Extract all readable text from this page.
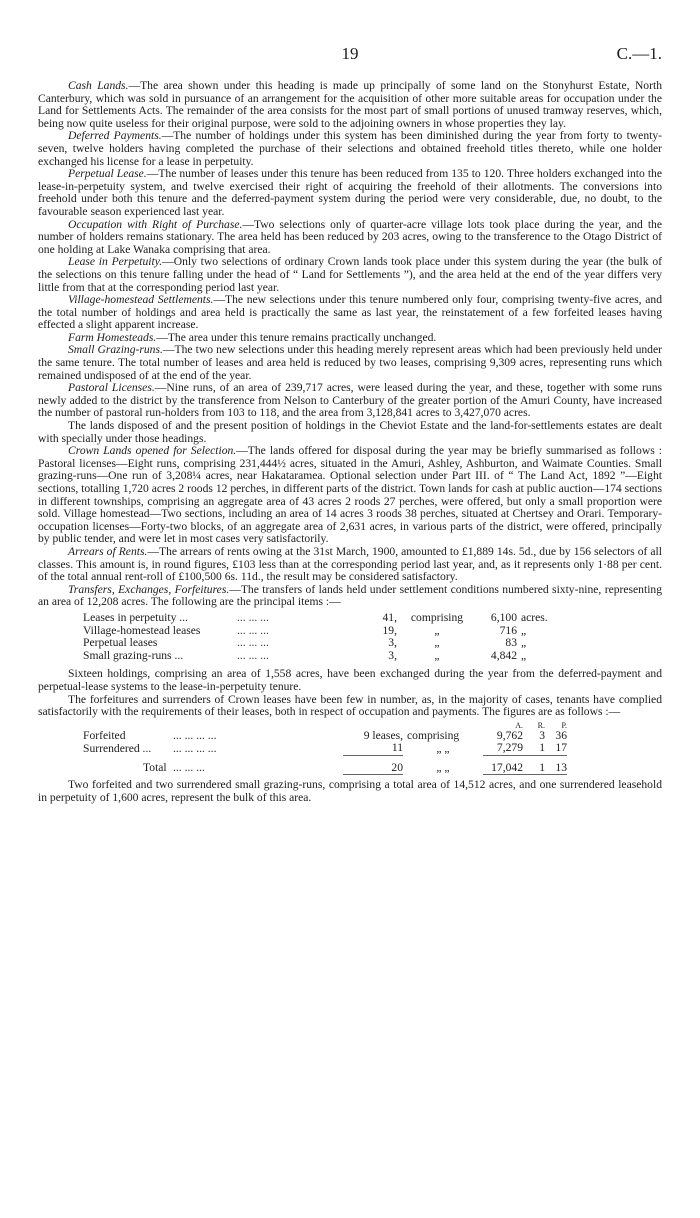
19	C.—1.

Cash Lands.—The area shown under this heading is made up principally of some land on the Stonyhurst Estate, North Canterbury, which was sold in pursuance of an arrangement for the acquisition of other more suitable areas for occupation under the Land for Settlements Acts. The remainder of the area consists for the most part of small portions of unused tramway reserves, which, being now quite useless for their original purpose, were sold to the adjoining owners in whose properties they lay.

Deferred Payments.—The number of holdings under this system has been diminished during the year from forty to twenty-seven, twelve holders having completed the purchase of their selections and obtained freehold titles thereto, while one holder exchanged his license for a lease in perpetuity.

Perpetual Lease.—The number of leases under this tenure has been reduced from 135 to 120. Three holders exchanged into the lease-in-perpetuity system, and twelve exercised their right of acquiring the freehold of their allotments. The conversions into freehold under both this tenure and the deferred-payment system during the period were very considerable, due, no doubt, to the favourable season experienced last year.

Occupation with Right of Purchase.—Two selections only of quarter-acre village lots took place during the year, and the number of holders remains stationary. The area held has been reduced by 203 acres, owing to the transference to the Otago District of one holding at Lake Wanaka comprising that area.

Lease in Perpetuity.—Only two selections of ordinary Crown lands took place under this system during the year (the bulk of the selections on this tenure falling under the head of “ Land for Settlements ”), and the area held at the end of the year differs very little from that at the corresponding period last year.

Village-homestead Settlements.—The new selections under this tenure numbered only four, comprising twenty-five acres, and the total number of holdings and area held is practically the same as last year, the reinstatement of a few forfeited leases having effected a slight apparent increase.

Farm Homesteads.—The area under this tenure remains practically unchanged.

Small Grazing-runs.—The two new selections under this heading merely represent areas which had been previously held under the same tenure. The total number of leases and area held is reduced by two leases, comprising 9,309 acres, representing runs which remained undisposed of at the end of the year.

Pastoral Licenses.—Nine runs, of an area of 239,717 acres, were leased during the year, and these, together with some runs newly added to the district by the transference from Nelson to Canterbury of the greater portion of the Amuri County, have increased the number of pastoral run-holders from 103 to 118, and the area from 3,128,841 acres to 3,427,070 acres.

The lands disposed of and the present position of holdings in the Cheviot Estate and the land-for-settlements estates are dealt with specially under those headings.

Crown Lands opened for Selection.—The lands offered for disposal during the year may be briefly summarised as follows : Pastoral licenses—Eight runs, comprising 231,444½ acres, situated in the Amuri, Ashley, Ashburton, and Waimate Counties. Small grazing-runs—One run of 3,208¼ acres, near Hakataramea. Optional selection under Part III. of “ The Land Act, 1892 ”—Eight sections, totalling 1,720 acres 2 roods 12 perches, in different parts of the district. Town lands for cash at public auction—174 sections in different townships, comprising an aggregate area of 43 acres 2 roods 27 perches, were offered, but only a small proportion were sold. Village homestead—Two sections, including an area of 14 acres 3 roods 38 perches, situated at Chertsey and Orari. Temporary-occupation licenses—Forty-two blocks, of an aggregate area of 2,631 acres, in various parts of the district, were offered, principally by public tender, and were let in most cases very satisfactorily.

Arrears of Rents.—The arrears of rents owing at the 31st March, 1900, amounted to £1,889 14s. 5d., due by 156 selectors of all classes. This amount is, in round figures, £103 less than at the corresponding period last year, and, as it represents only 1·88 per cent. of the total annual rent-roll of £100,500 6s. 11d., the result may be considered satisfactory.

Transfers, Exchanges, Forfeitures.—The transfers of lands held under settlement conditions numbered sixty-nine, representing an area of 12,208 acres. The following are the principal items :—

Leases in perpetuity ...	... ... ...	41,	comprising	6,100	acres.
Village-homestead leases	... ... ...	19,	„	716	„
Perpetual leases	... ... ...	3,	„	83	„
Small grazing-runs ...	... ... ...	3,	„	4,842	„

Sixteen holdings, comprising an area of 1,558 acres, have been exchanged during the year from the deferred-payment and perpetual-lease systems to the lease-in-perpetuity tenure.

The forfeitures and surrenders of Crown leases have been few in number, as, in the majority of cases, tenants have complied satisfactorily with the requirements of their leases, both in respect of occupation and payments. The figures are as follows :—

				A.	R.	P.
Forfeited	... ... ... ...	9 leases,	comprising	9,762	3	36
Surrendered ...	... ... ... ...	11	„ „	7,279	1	17
Total	... ... ...	20	„ „	17,042	1	13

Two forfeited and two surrendered small grazing-runs, comprising a total area of 14,512 acres, and one surrendered leasehold in perpetuity of 1,600 acres, represent the bulk of this area.
